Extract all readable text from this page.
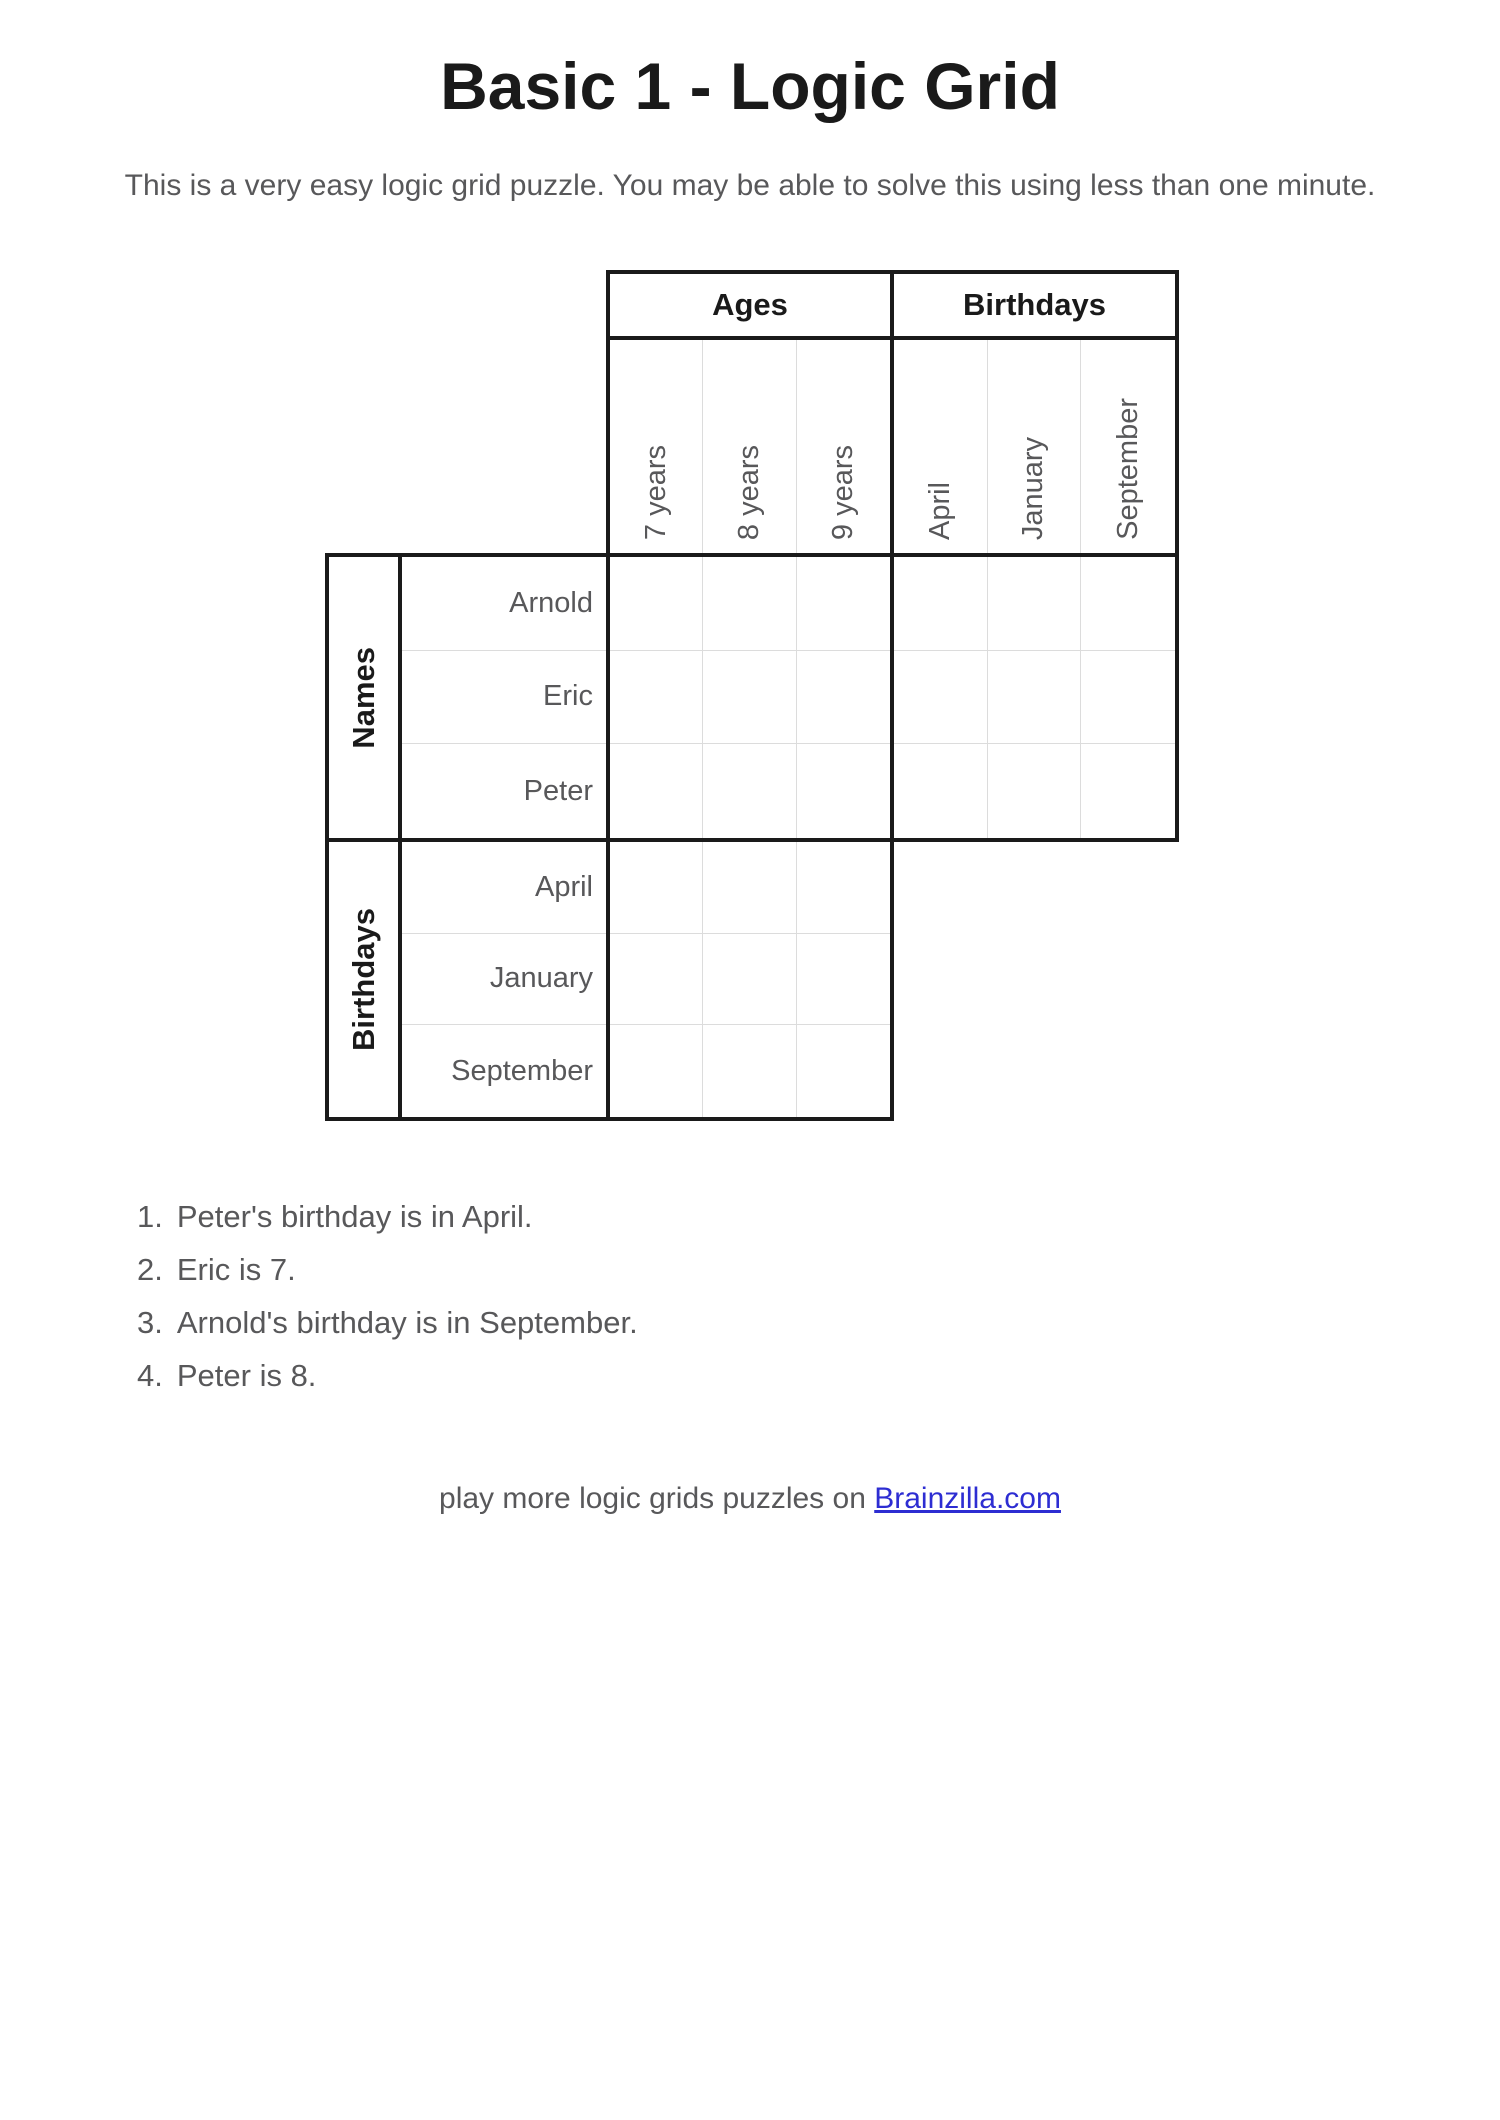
Basic 1 - Logic Grid

This is a very easy logic grid puzzle. You may be able to solve this using less than one minute.

Ages	Birthdays
7 years 8 years 9 years April January September
Names
Arnold
Eric
Peter
Birthdays
April
January
September
1. Peter's birthday is in April.
2. Eric is 7.
3. Arnold's birthday is in September.
4. Peter is 8.
play more logic grids puzzles on Brainzilla.com
